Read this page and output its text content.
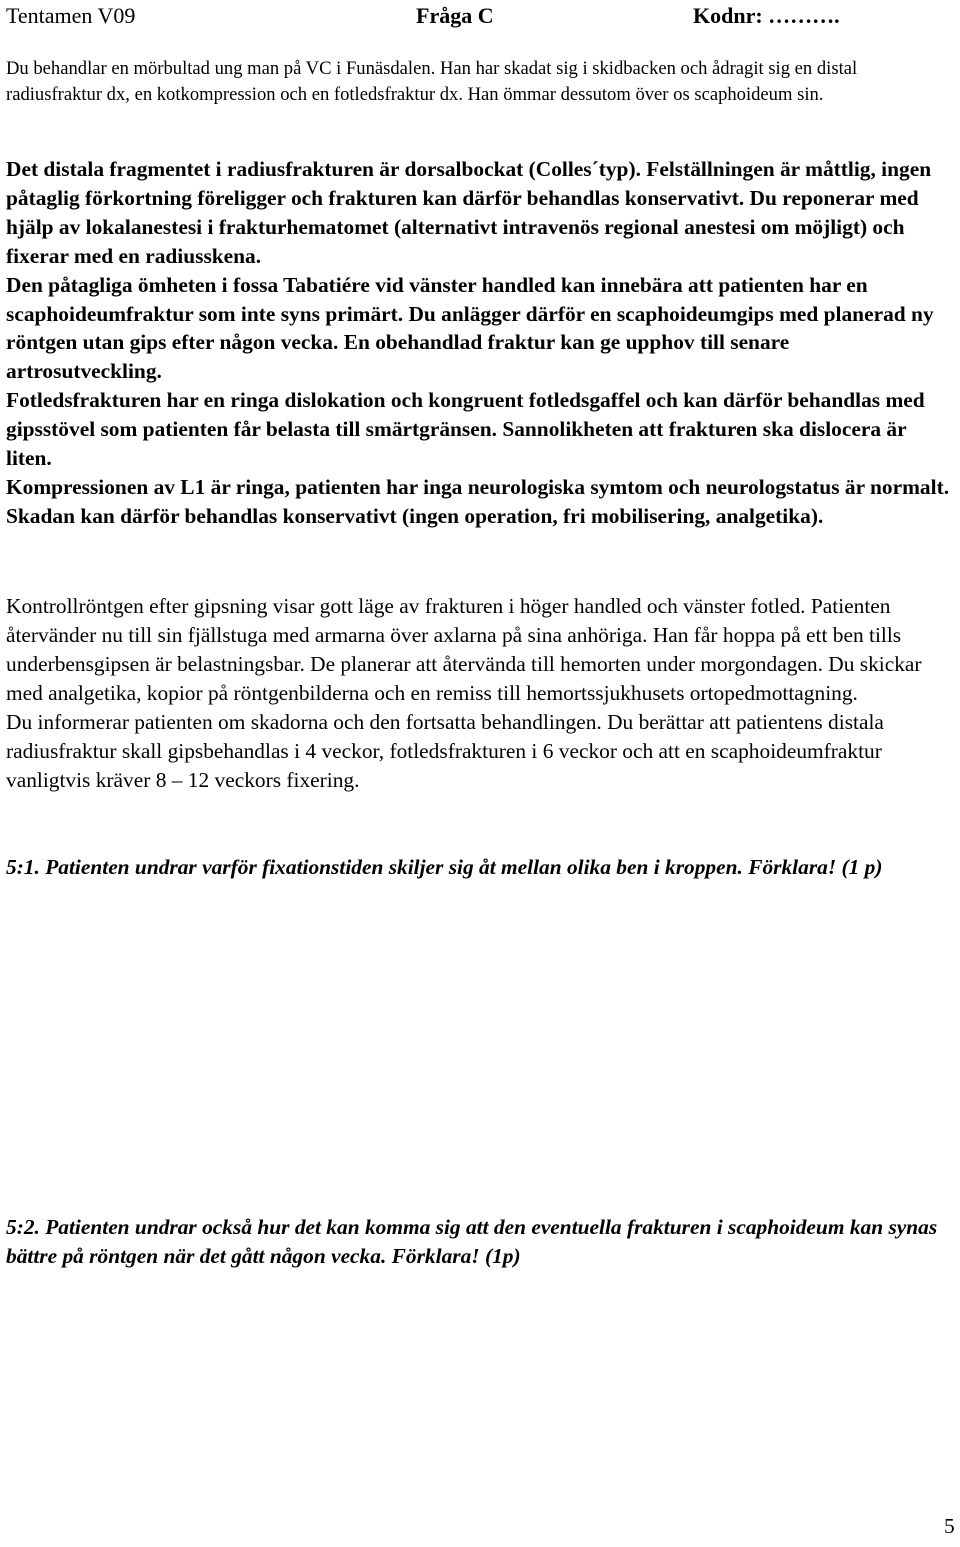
Tentamen V09	Fråga C	Kodnr: ……….

Du behandlar en mörbultad ung man på VC i Funäsdalen. Han har skadat sig i skidbacken och ådragit sig en distal radiusfraktur dx, en kotkompression och en fotledsfraktur dx. Han ömmar dessutom över os scaphoideum sin.

Det distala fragmentet i radiusfrakturen är dorsalbockat (Colles´typ). Felställningen är måttlig, ingen påtaglig förkortning föreligger och frakturen kan därför behandlas konservativt. Du reponerar med hjälp av lokalanestesi i frakturhematomet (alternativt intravenös regional anestesi om möjligt) och fixerar med en radiusskena.

Den påtagliga ömheten i fossa Tabatiére vid vänster handled kan innebära att patienten har en scaphoideumfraktur som inte syns primärt. Du anlägger därför en scaphoideumgips med planerad ny röntgen utan gips efter någon vecka. En obehandlad fraktur kan ge upphov till senare artrosutveckling.

Fotledsfrakturen har en ringa dislokation och kongruent fotledsgaffel och kan därför behandlas med gipsstövel som patienten får belasta till smärtgränsen. Sannolikheten att frakturen ska dislocera är liten.

Kompressionen av L1 är ringa, patienten har inga neurologiska symtom och neurologstatus är normalt. Skadan kan därför behandlas konservativt (ingen operation, fri mobilisering, analgetika).

Kontrollröntgen efter gipsning visar gott läge av frakturen i höger handled och vänster fotled. Patienten återvänder nu till sin fjällstuga med armarna över axlarna på sina anhöriga. Han får hoppa på ett ben tills underbensgipsen är belastningsbar. De planerar att återvända till hemorten under morgondagen. Du skickar med analgetika, kopior på röntgenbilderna och en remiss till hemortssjukhusets ortopedmottagning.

Du informerar patienten om skadorna och den fortsatta behandlingen. Du berättar att patientens distala radiusfraktur skall gipsbehandlas i 4 veckor, fotledsfrakturen i 6 veckor och att en scaphoideumfraktur vanligtvis kräver 8 – 12 veckors fixering.

5:1. Patienten undrar varför fixationstiden skiljer sig åt mellan olika ben i kroppen. Förklara! (1 p)

5:2. Patienten undrar också hur det kan komma sig att den eventuella frakturen i scaphoideum kan synas bättre på röntgen när det gått någon vecka. Förklara! (1p)

5
